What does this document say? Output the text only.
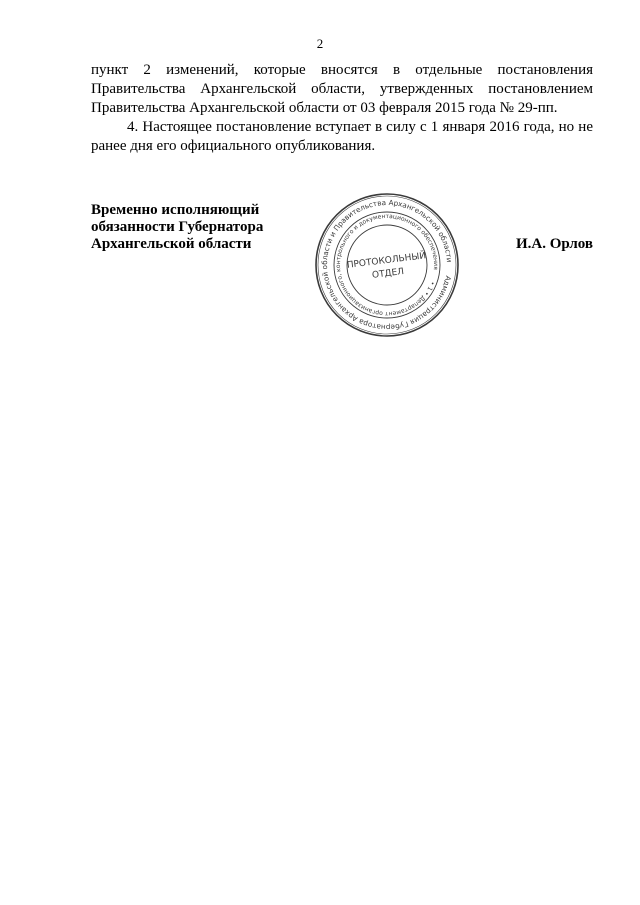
2

пункт 2 изменений, которые вносятся в отдельные постановления Правительства Архангельской области, утвержденных постановлением Правительства Архангельской области от 03 февраля 2015 года № 29-пп.

4. Настоящее постановление вступает в силу с 1 января 2016 года, но не ранее дня его официального опубликования.

Временно исполняющий
обязанности Губернатора
Архангельской области
Администрация Губернатора Архангельской области и Правительства Архангельской области
• 1 • Департамент организационного, контрольного и документационного обеспечения
ПРОТОКОЛЬНЫЙ
ОТДЕЛ
И.А. Орлов
